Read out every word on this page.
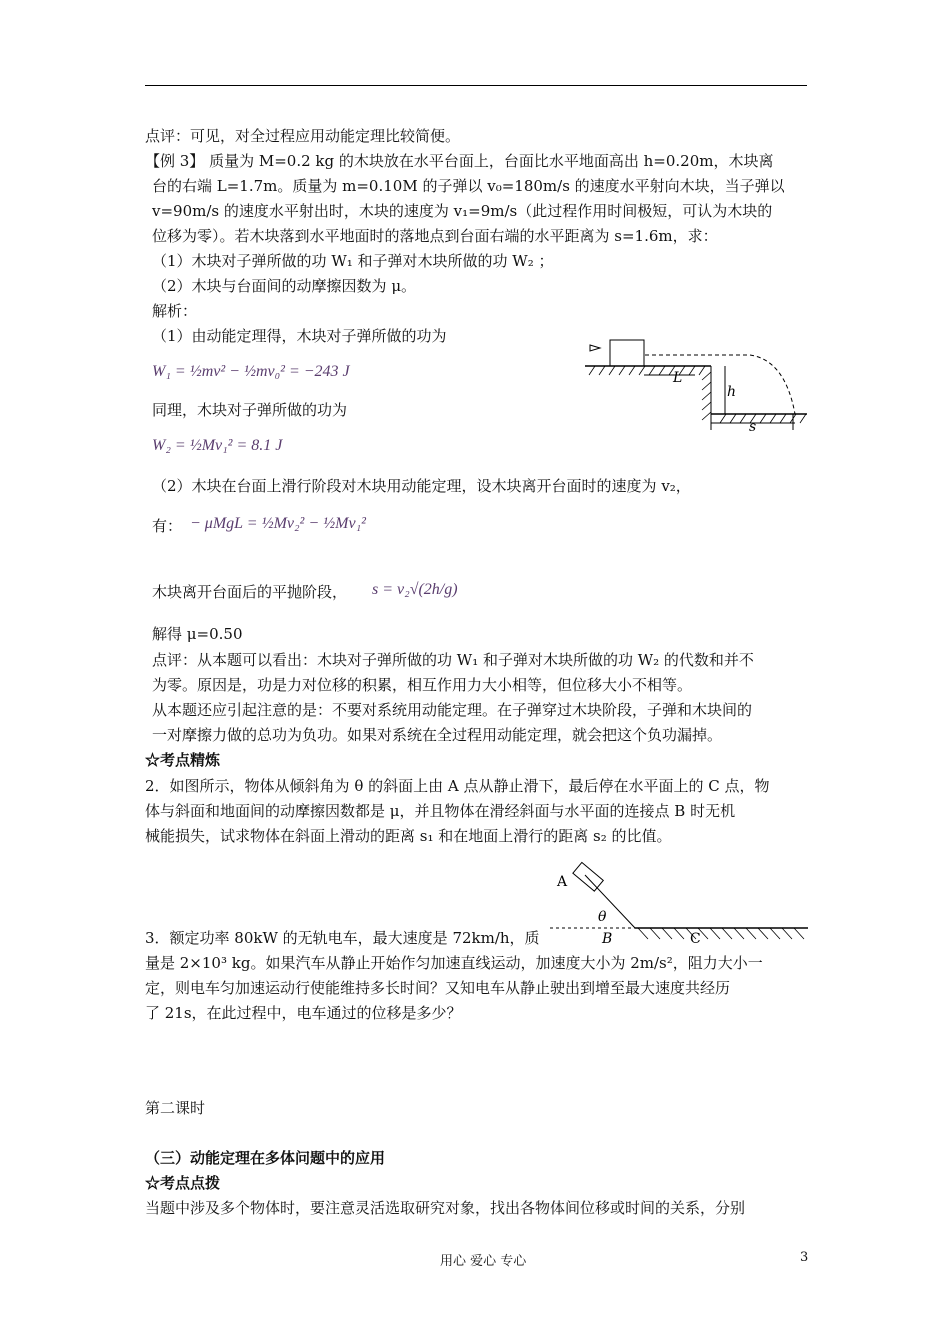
点评：可见，对全过程应用动能定理比较简便。
【例 3】 质量为 M=0.2 kg 的木块放在水平台面上，台面比水平地面高出 h=0.20m，木块离
台的右端 L=1.7m。质量为 m=0.10M 的子弹以 v₀=180m/s 的速度水平射向木块，当子弹以
v=90m/s 的速度水平射出时，木块的速度为 v₁=9m/s（此过程作用时间极短，可认为木块的
位移为零）。若木块落到水平地面时的落地点到台面右端的水平距离为 s=1.6m，求：
（1）木块对子弹所做的功 W₁ 和子弹对木块所做的功 W₂ ；
（2）木块与台面间的动摩擦因数为 μ。
解析：
（1）由动能定理得，木块对子弹所做的功为
W₁ = ½mv² − ½mv₀² = −243 J
同理，木块对子弹所做的功为
W₂ = ½Mv₁² = 8.1 J
（2）木块在台面上滑行阶段对木块用动能定理，设木块离开台面时的速度为 v₂，
有： − μMgL = ½Mv₂² − ½Mv₁²
木块离开台面后的平抛阶段， s = v₂√(2h/g)
解得 μ=0.50
点评：从本题可以看出：木块对子弹所做的功 W₁ 和子弹对木块所做的功 W₂ 的代数和并不
为零。原因是，功是力对位移的积累，相互作用力大小相等，但位移大小不相等。
从本题还应引起注意的是：不要对系统用动能定理。在子弹穿过木块阶段，子弹和木块间的
一对摩擦力做的总功为负功。如果对系统在全过程用动能定理，就会把这个负功漏掉。
☆考点精炼
2．如图所示，物体从倾斜角为 θ 的斜面上由 A 点从静止滑下，最后停在水平面上的 C 点，物
体与斜面和地面间的动摩擦因数都是 μ，并且物体在滑经斜面与水平面的连接点 B 时无机
械能损失，试求物体在斜面上滑动的距离 s₁ 和在地面上滑行的距离 s₂ 的比值。
3．额定功率 80kW 的无轨电车，最大速度是 72km/h，质
量是 2×10³ kg。如果汽车从静止开始作匀加速直线运动，加速度大小为 2m/s²，阻力大小一
定，则电车匀加速运动行使能维持多长时间？又知电车从静止驶出到增至最大速度共经历
了 21s，在此过程中，电车通过的位移是多少？
第二课时
（三）动能定理在多体问题中的应用
☆考点点拨
当题中涉及多个物体时，要注意灵活选取研究对象，找出各物体间位移或时间的关系，分别
L
h
s
A
θ
B	C
用心 爱心 专心	3
